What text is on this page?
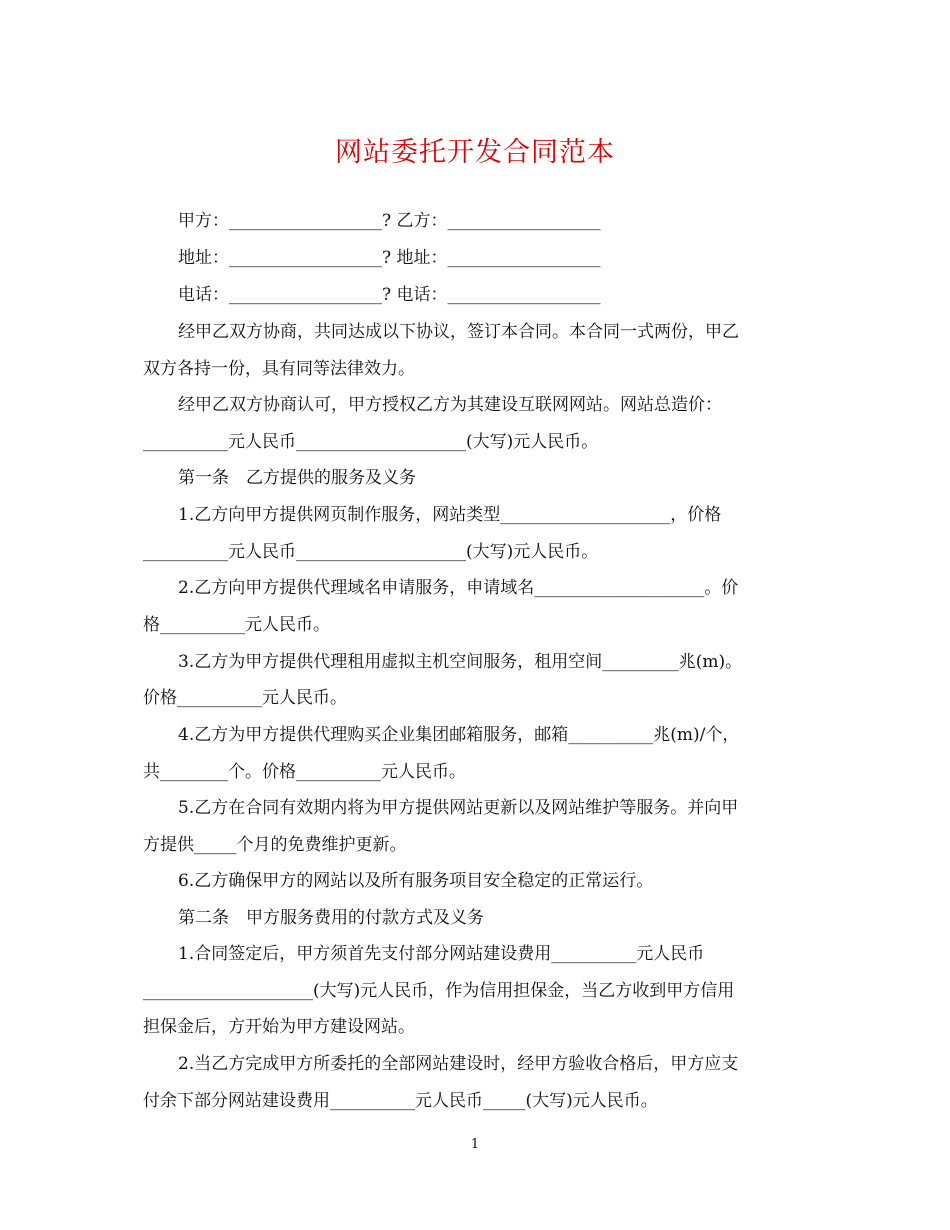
网站委托开发合同范本
甲方：__________________? 乙方：__________________
地址：__________________? 地址：__________________
电话：__________________? 电话：__________________
经甲乙双方协商，共同达成以下协议，签订本合同。本合同一式两份，甲乙
双方各持一份，具有同等法律效力。
经甲乙双方协商认可，甲方授权乙方为其建设互联网网站。网站总造价：
__________元人民币____________________(大写)元人民币。
第一条　乙方提供的服务及义务
1.乙方向甲方提供网页制作服务，网站类型____________________，价格
__________元人民币____________________(大写)元人民币。
2.乙方向甲方提供代理域名申请服务，申请域名____________________。价
格__________元人民币。
3.乙方为甲方提供代理租用虚拟主机空间服务，租用空间_________兆(m)。
价格__________元人民币。
4.乙方为甲方提供代理购买企业集团邮箱服务，邮箱__________兆(m)/个，
共________个。价格__________元人民币。
5.乙方在合同有效期内将为甲方提供网站更新以及网站维护等服务。并向甲
方提供_____个月的免费维护更新。
6.乙方确保甲方的网站以及所有服务项目安全稳定的正常运行。
第二条　甲方服务费用的付款方式及义务
1.合同签定后，甲方须首先支付部分网站建设费用__________元人民币
____________________(大写)元人民币，作为信用担保金，当乙方收到甲方信用
担保金后，方开始为甲方建设网站。
2.当乙方完成甲方所委托的全部网站建设时，经甲方验收合格后，甲方应支
付余下部分网站建设费用__________元人民币_____(大写)元人民币。
1
